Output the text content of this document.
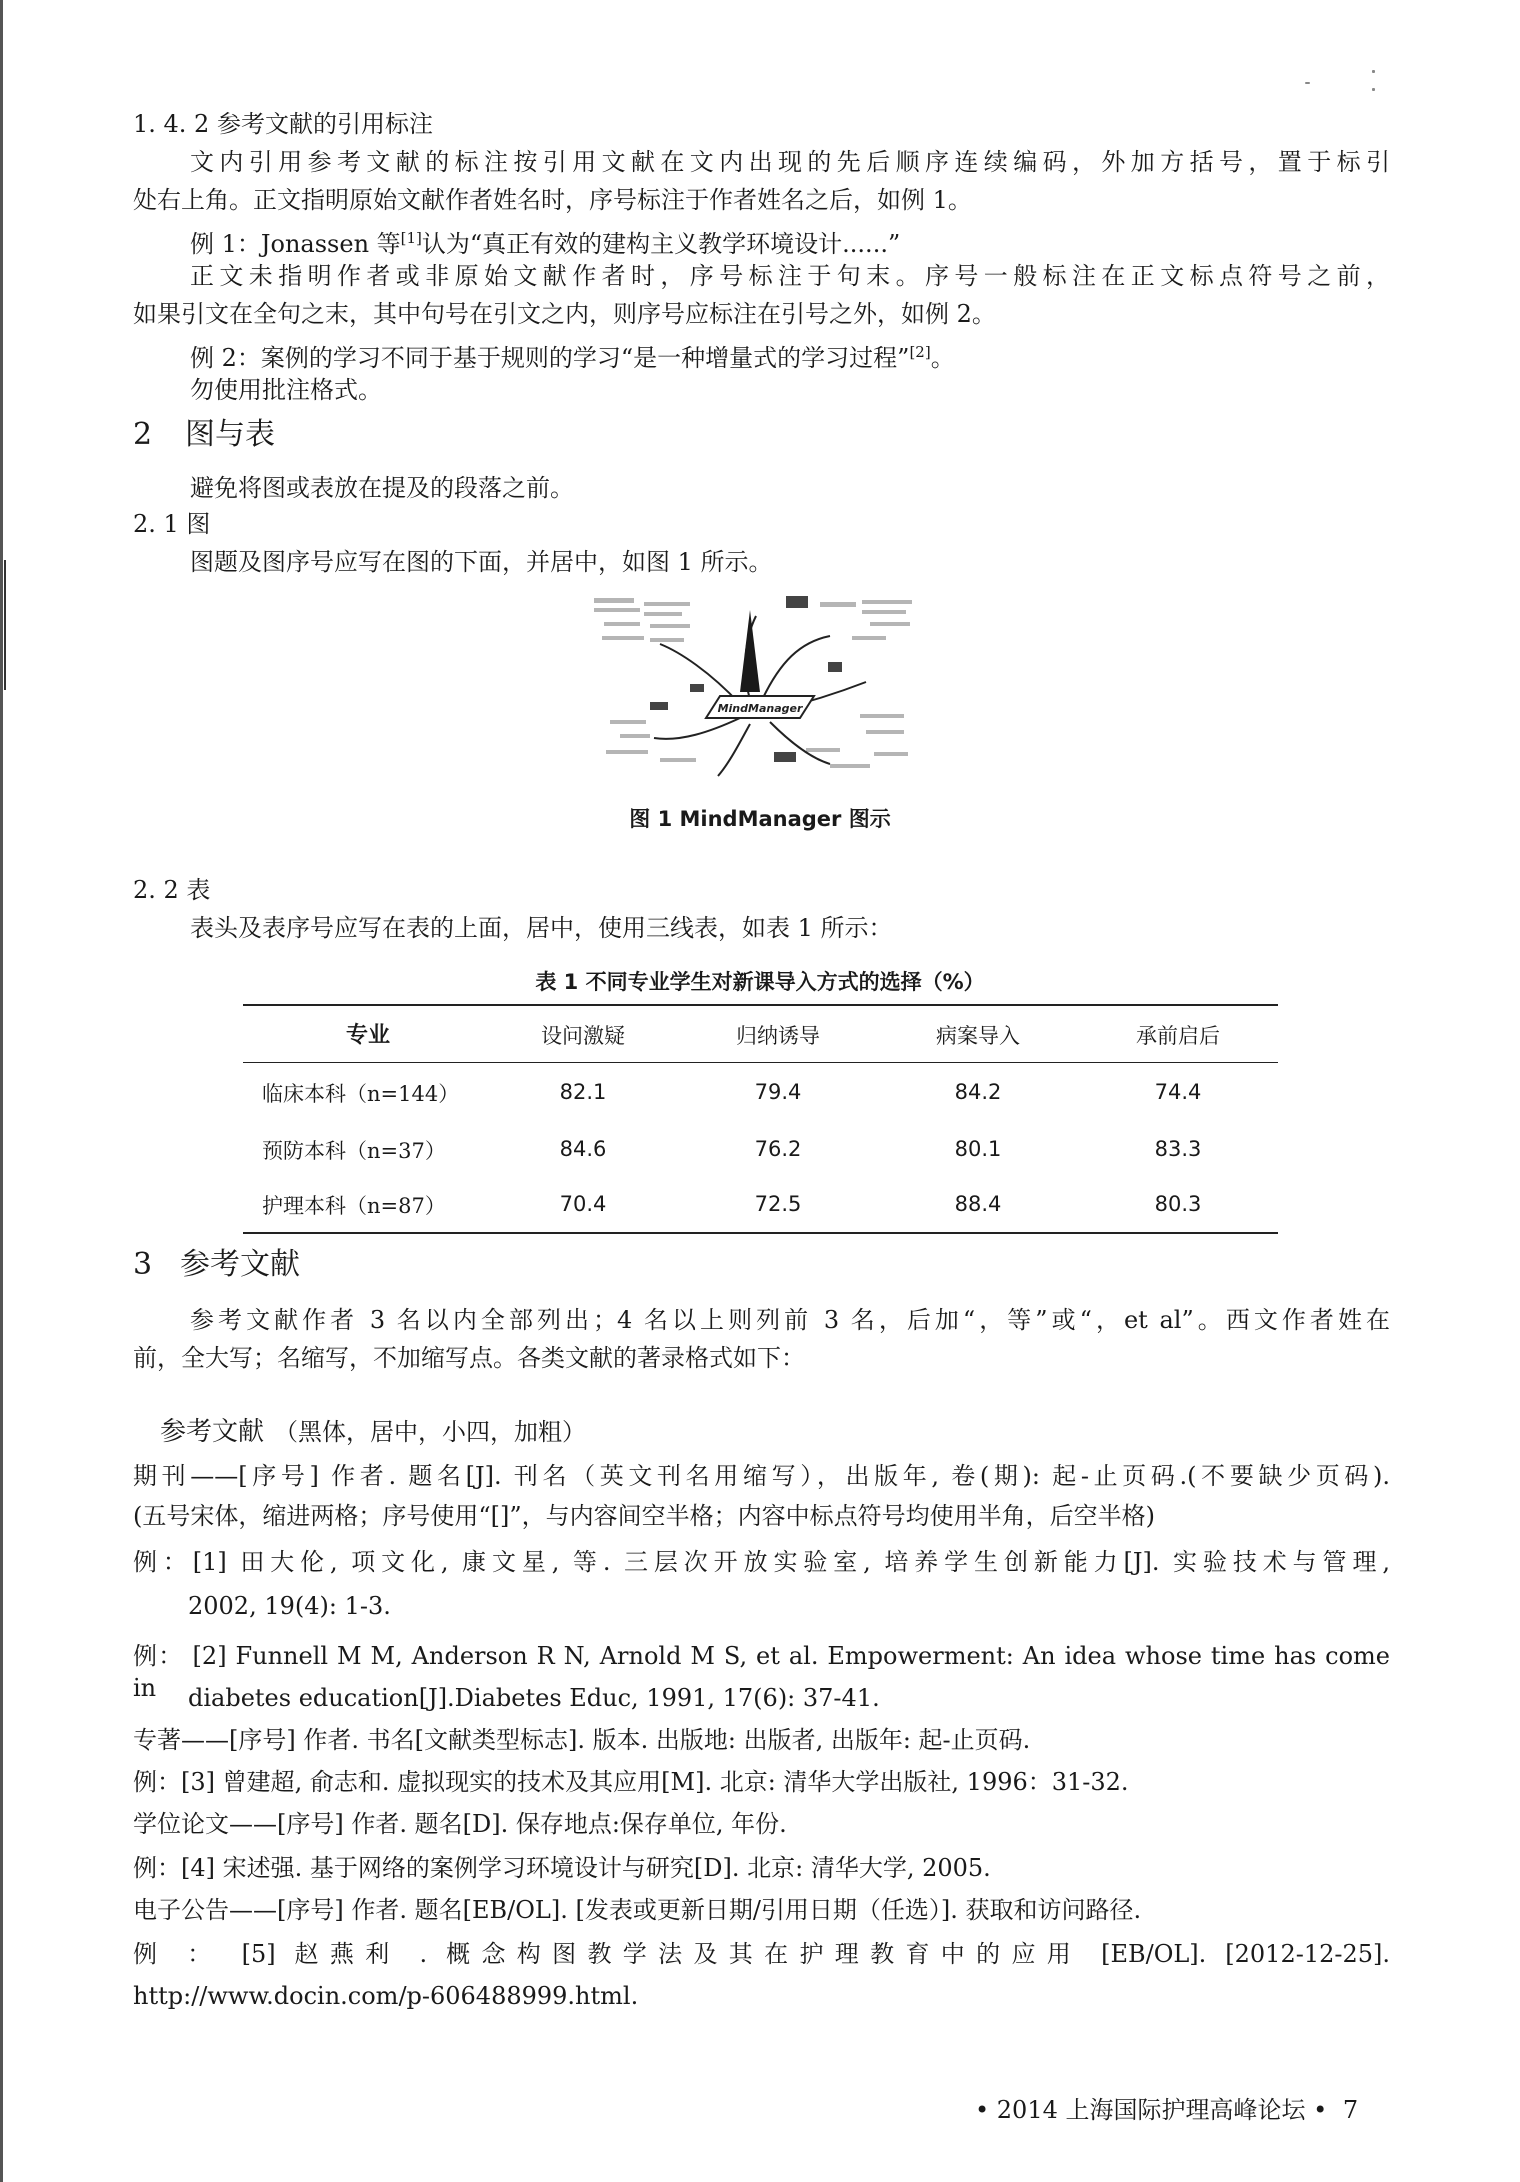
1. 4. 2 参考文献的引用标注
文内引用参考文献的标注按引用文献在文内出现的先后顺序连续编码，外加方括号，置于标引
处右上角。正文指明原始文献作者姓名时，序号标注于作者姓名之后，如例 1。
例 1：Jonassen 等[1]认为“真正有效的建构主义教学环境设计......”
正文未指明作者或非原始文献作者时，序号标注于句末。序号一般标注在正文标点符号之前，
如果引文在全句之末，其中句号在引文之内，则序号应标注在引号之外，如例 2。
例 2：案例的学习不同于基于规则的学习“是一种增量式的学习过程”[2]。
勿使用批注格式。
2 图与表
避免将图或表放在提及的段落之前。
2. 1 图
图题及图序号应写在图的下面，并居中，如图 1 所示。
MindManager
图 1 MindManager 图示
2. 2 表
表头及表序号应写在表的上面，居中，使用三线表，如表 1 所示：
表 1 不同专业学生对新课导入方式的选择（%）
专业	设问激疑	归纳诱导	病案导入	承前启后
临床本科（n=144）	82.1	79.4	84.2	74.4
预防本科（n=37）	84.6	76.2	80.1	83.3
护理本科（n=87）	70.4	72.5	88.4	80.3
3 参考文献
参考文献作者 3 名以内全部列出；4 名以上则列前 3 名，后加“，等”或“，et al”。西文作者姓在
前，全大写；名缩写，不加缩写点。各类文献的著录格式如下：
参考文献 （黑体，居中，小四，加粗）
期刊——[序号] 作者. 题名[J]. 刊名（英文刊名用缩写），出版年, 卷(期): 起-止页码.(不要缺少页码).
(五号宋体，缩进两格；序号使用“[]”，与内容间空半格；内容中标点符号均使用半角，后空半格)
例：[1] 田大伦, 项文化, 康文星, 等. 三层次开放实验室, 培养学生创新能力[J]. 实验技术与管理,
2002, 19(4): 1-3.
例： [2] Funnell M M, Anderson R N, Arnold M S, et al. Empowerment: An idea whose time has come in	diabetes education[J].Diabetes Educ, 1991, 17(6): 37-41.
专著——[序号] 作者. 书名[文献类型标志]. 版本. 出版地: 出版者, 出版年: 起-止页码.
例：[3] 曾建超, 俞志和. 虚拟现实的技术及其应用[M]. 北京: 清华大学出版社, 1996：31-32.
学位论文——[序号] 作者. 题名[D]. 保存地点:保存单位, 年份.
例：[4] 宋述强. 基于网络的案例学习环境设计与研究[D]. 北京: 清华大学, 2005.
电子公告——[序号] 作者. 题名[EB/OL]. [发表或更新日期/引用日期（任选）]. 获取和访问路径.
例 ： [5] 赵燕利 . 概念构图教学法及其在护理教育中的应用 [EB/OL]. [2012-12-25].
http://www.docin.com/p-606488999.html.
• 2014 上海国际护理高峰论坛 • 7
